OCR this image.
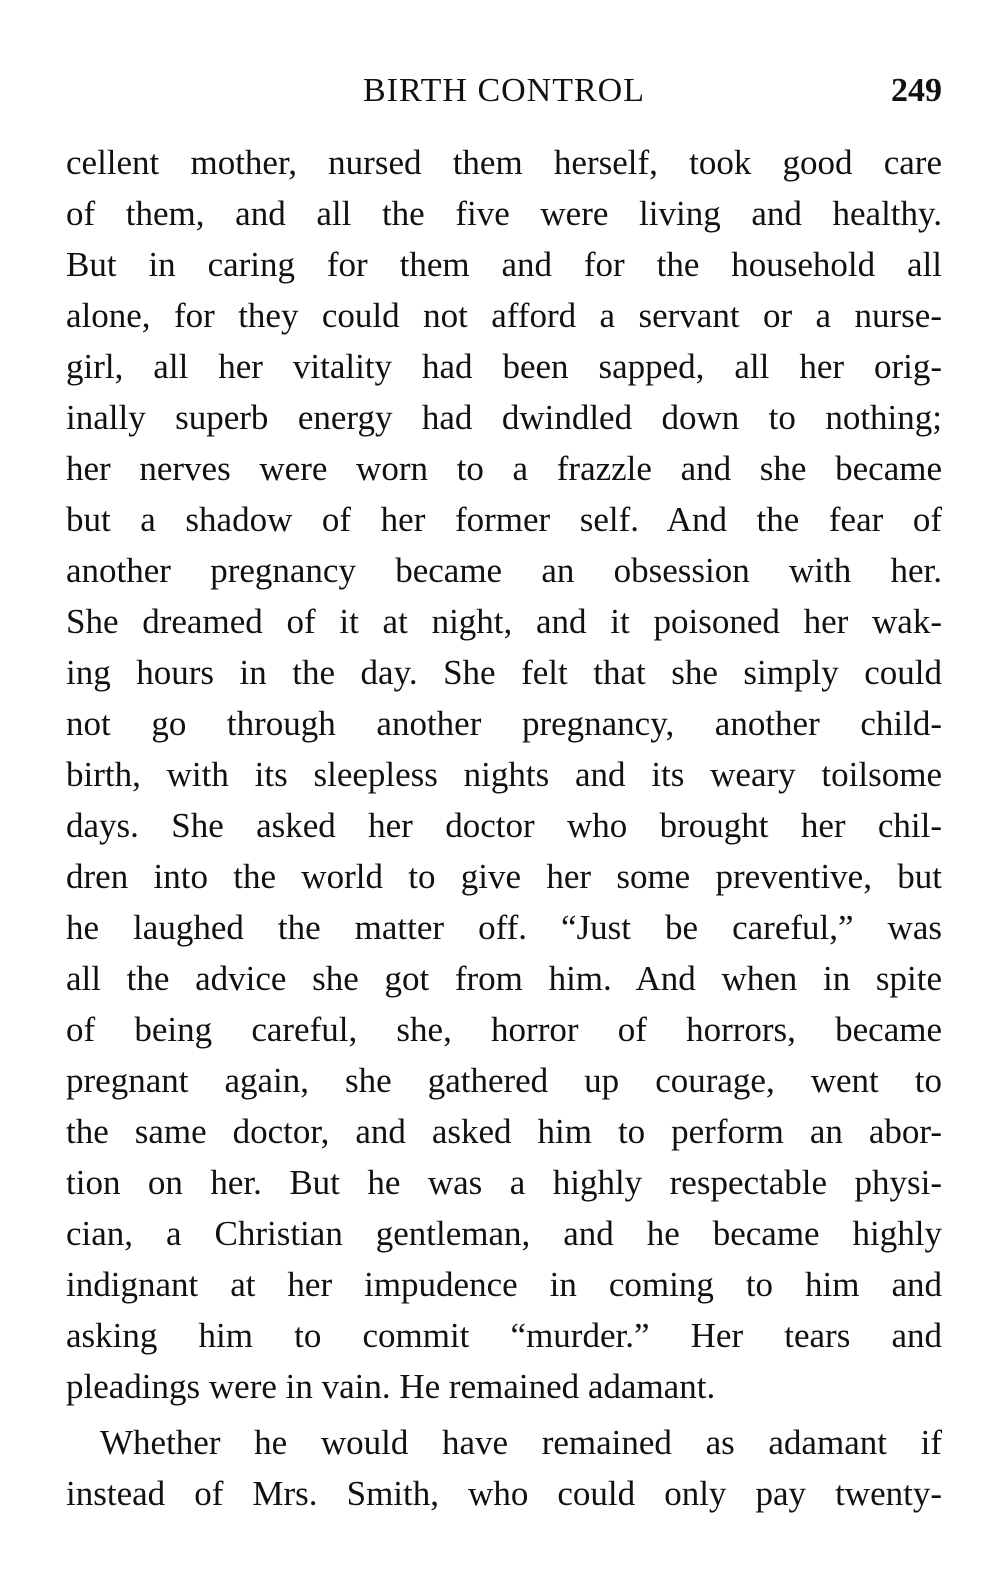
BIRTH CONTROL	249
cellent mother, nursed them herself, took good care
of them, and all the five were living and healthy.
But in caring for them and for the household all
alone, for they could not afford a servant or a nurse-
girl, all her vitality had been sapped, all her orig-
inally superb energy had dwindled down to nothing;
her nerves were worn to a frazzle and she became
but a shadow of her former self. And the fear of
another pregnancy became an obsession with her.
She dreamed of it at night, and it poisoned her wak-
ing hours in the day. She felt that she simply could
not go through another pregnancy, another child-
birth, with its sleepless nights and its weary toilsome
days. She asked her doctor who brought her chil-
dren into the world to give her some preventive, but
he laughed the matter off. “Just be careful,” was
all the advice she got from him. And when in spite
of being careful, she, horror of horrors, became
pregnant again, she gathered up courage, went to
the same doctor, and asked him to perform an abor-
tion on her. But he was a highly respectable physi-
cian, a Christian gentleman, and he became highly
indignant at her impudence in coming to him and
asking him to commit “murder.” Her tears and
pleadings were in vain. He remained adamant.
Whether he would have remained as adamant if
instead of Mrs. Smith, who could only pay twenty-
